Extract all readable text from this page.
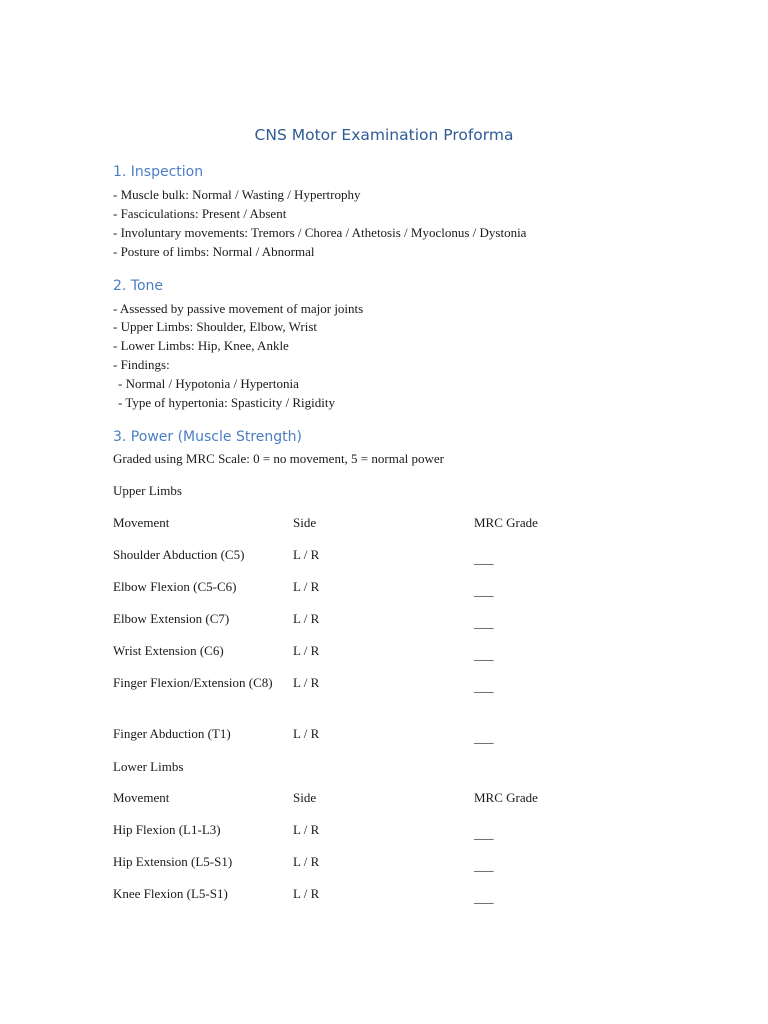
CNS Motor Examination Proforma
1. Inspection
- Muscle bulk: Normal / Wasting / Hypertrophy
- Fasciculations: Present / Absent
- Involuntary movements: Tremors / Chorea / Athetosis / Myoclonus / Dystonia
- Posture of limbs: Normal / Abnormal
2. Tone
- Assessed by passive movement of major joints
- Upper Limbs: Shoulder, Elbow, Wrist
- Lower Limbs: Hip, Knee, Ankle
- Findings:
- Normal / Hypotonia / Hypertonia
- Type of hypertonia: Spasticity / Rigidity
3. Power (Muscle Strength)
Graded using MRC Scale: 0 = no movement, 5 = normal power
Upper Limbs
Movement	Side	MRC Grade
Shoulder Abduction (C5)	L / R	___
Elbow Flexion (C5-C6)	L / R	___
Elbow Extension (C7)	L / R	___
Wrist Extension (C6)	L / R	___
Finger Flexion/Extension (C8)	L / R	___
Finger Abduction (T1)	L / R	___
Lower Limbs
Movement	Side	MRC Grade
Hip Flexion (L1-L3)	L / R	___
Hip Extension (L5-S1)	L / R	___
Knee Flexion (L5-S1)	L / R	___
